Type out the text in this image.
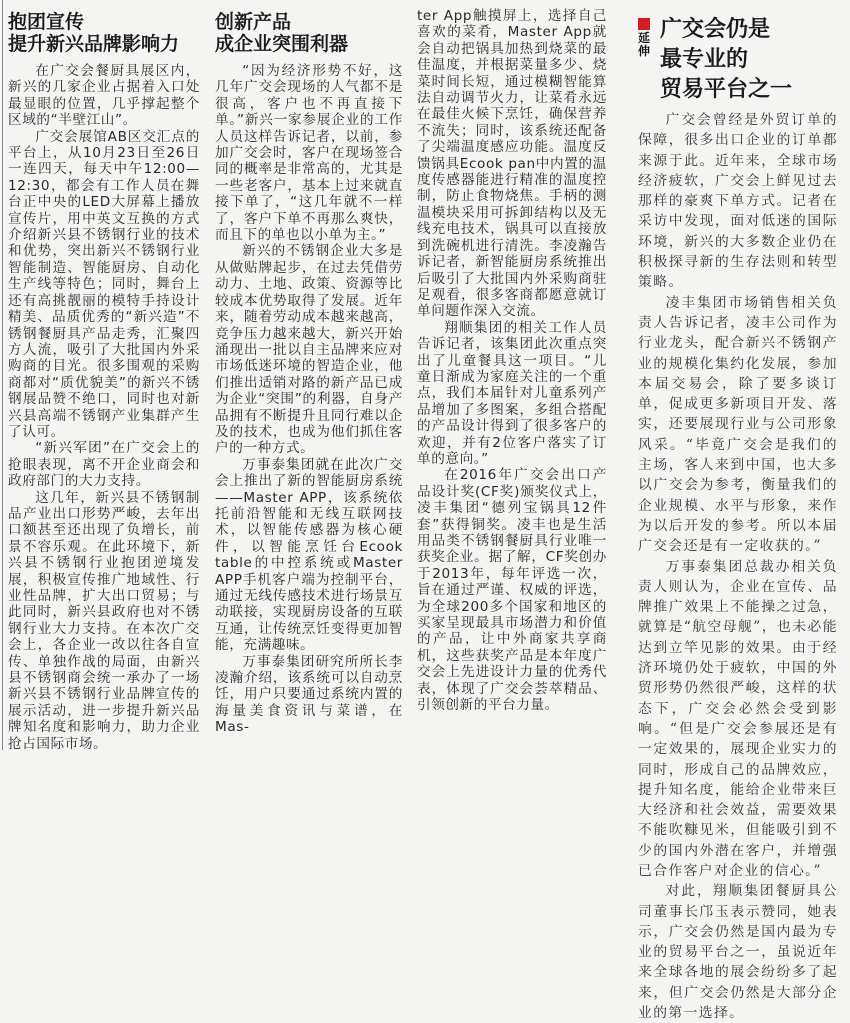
抱团宣传
提升新兴品牌影响力

在广交会餐厨具展区内，新兴的几家企业占据着入口处最显眼的位置，几乎撑起整个区域的“半壁江山”。

广交会展馆AB区交汇点的平台上，从10月23日至26日一连四天，每天中午12:00—12:30，都会有工作人员在舞台正中央的LED大屏幕上播放宣传片，用中英文互换的方式介绍新兴县不锈钢行业的技术和优势，突出新兴不锈钢行业智能制造、智能厨房、自动化生产线等特色；同时，舞台上还有高挑靓丽的模特手持设计精美、品质优秀的“新兴造”不锈钢餐厨具产品走秀，汇聚四方人流，吸引了大批国内外采购商的目光。很多围观的采购商都对“质优貌美”的新兴不锈钢展品赞不绝口，同时也对新兴县高端不锈钢产业集群产生了认可。

“新兴军团”在广交会上的抢眼表现，离不开企业商会和政府部门的大力支持。

这几年，新兴县不锈钢制品产业出口形势严峻，去年出口额甚至还出现了负增长，前景不容乐观。在此环境下，新兴县不锈钢行业抱团逆境发展，积极宣传推广地域性、行业性品牌，扩大出口贸易；与此同时，新兴县政府也对不锈钢行业大力支持。在本次广交会上，各企业一改以往各自宣传、单独作战的局面，由新兴县不锈钢商会统一承办了一场新兴县不锈钢行业品牌宣传的展示活动，进一步提升新兴品牌知名度和影响力，助力企业抢占国际市场。

创新产品
成企业突围利器

“因为经济形势不好，这几年广交会现场的人气都不是很高，客户也不再直接下单。”新兴一家参展企业的工作人员这样告诉记者，以前，参加广交会时，客户在现场签合同的概率是非常高的，尤其是一些老客户，基本上过来就直接下单了，“这几年就不一样了，客户下单不再那么爽快，而且下的单也以小单为主。”

新兴的不锈钢企业大多是从做贴牌起步，在过去凭借劳动力、土地、政策、资源等比较成本优势取得了发展。近年来，随着劳动成本越来越高，竞争压力越来越大，新兴开始涌现出一批以自主品牌来应对市场低迷环境的智造企业，他们推出适销对路的新产品已成为企业“突围”的利器，自身产品拥有不断提升且同行难以企及的技术，也成为他们抓住客户的一种方式。

万事泰集团就在此次广交会上推出了新的智能厨房系统——Master APP，该系统依托前沿智能和无线互联网技术，以智能传感器为核心硬件，以智能烹饪台Ecook table的中控系统或Master APP手机客户端为控制平台，通过无线传感技术进行场景互动联接，实现厨房设备的互联互通，让传统烹饪变得更加智能，充满趣味。

万事泰集团研究所所长李凌瀚介绍，该系统可以自动烹饪，用户只要通过系统内置的海量美食资讯与菜谱，在Mas-

ter App触摸屏上，选择自己喜欢的菜肴，Master App就会自动把锅具加热到烧菜的最佳温度，并根据菜量多少、烧菜时间长短，通过模糊智能算法自动调节火力，让菜肴永远在最佳火候下烹饪，确保营养不流失；同时，该系统还配备了尖端温度感应功能。温度反馈锅具Ecook pan中内置的温度传感器能进行精准的温度控制，防止食物烧焦。手柄的测温模块采用可拆卸结构以及无线充电技术，锅具可以直接放到洗碗机进行清洗。李凌瀚告诉记者，新智能厨房系统推出后吸引了大批国内外采购商驻足观看，很多客商都愿意就订单问题作深入交流。

翔顺集团的相关工作人员告诉记者，该集团此次重点突出了儿童餐具这一项目。“儿童日渐成为家庭关注的一个重点，我们本届针对儿童系列产品增加了多图案，多组合搭配的产品设计得到了很多客户的欢迎，并有2位客户落实了订单的意向。”

在2016年广交会出口产品设计奖(CF奖)颁奖仪式上，凌丰集团“德列宝锅具12件套”获得铜奖。凌丰也是生活用品类不锈钢餐厨具行业唯一获奖企业。据了解，CF奖创办于2013年，每年评选一次，旨在通过严谨、权威的评选，为全球200多个国家和地区的买家呈现最具市场潜力和价值的产品，让中外商家共享商机，这些获奖产品是本年度广交会上先进设计力量的优秀代表，体现了广交会荟萃精品、引领创新的平台力量。

延伸
广交会仍是
最专业的
贸易平台之一

广交会曾经是外贸订单的保障，很多出口企业的订单都来源于此。近年来，全球市场经济疲软，广交会上鲜见过去那样的豪爽下单方式。记者在采访中发现，面对低迷的国际环境，新兴的大多数企业仍在积极探寻新的生存法则和转型策略。

凌丰集团市场销售相关负责人告诉记者，凌丰公司作为行业龙头，配合新兴不锈钢产业的规模化集约化发展，参加本届交易会，除了要多谈订单，促成更多新项目开发、落实，还要展现行业与公司形象风采。“毕竟广交会是我们的主场，客人来到中国，也大多以广交会为参考，衡量我们的企业规模、水平与形象，来作为以后开发的参考。所以本届广交会还是有一定收获的。”

万事泰集团总裁办相关负责人则认为，企业在宣传、品牌推广效果上不能操之过急，就算是“航空母舰”，也未必能达到立竿见影的效果。由于经济环境仍处于疲软，中国的外贸形势仍然很严峻，这样的状态下，广交会必然会受到影响。“但是广交会参展还是有一定效果的，展现企业实力的同时，形成自己的品牌效应，提升知名度，能给企业带来巨大经济和社会效益，需要效果不能吹糠见米，但能吸引到不少的国内外潜在客户，并增强已合作客户对企业的信心。”

对此，翔顺集团餐厨具公司董事长邝玉表示赞同，她表示，广交会仍然是国内最为专业的贸易平台之一，虽说近年来全球各地的展会纷纷多了起来，但广交会仍然是大部分企业的第一选择。
